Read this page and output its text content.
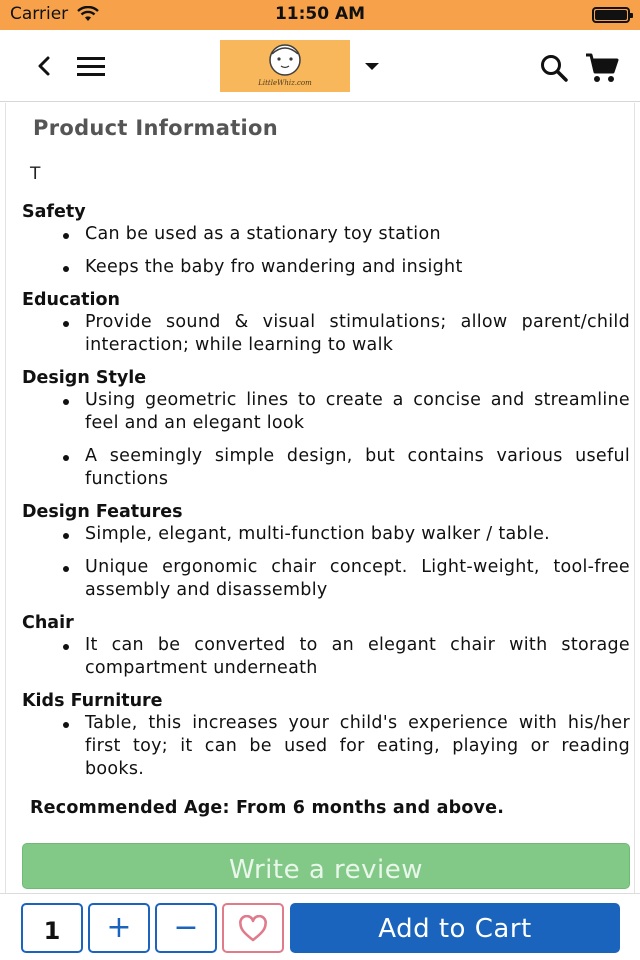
Carrier	11:50 AM
LittleWhiz.com
Product Information
T
Safety
Can be used as a stationary toy station
Keeps the baby fro wandering and insight
Education
Provide sound & visual stimulations; allow parent/child interaction; while learning to walk
Design Style
Using geometric lines to create a concise and streamline feel and an elegant look
A seemingly simple design, but contains various useful functions
Design Features
Simple, elegant, multi-function baby walker / table.
Unique ergonomic chair concept. Light-weight, tool-free assembly and disassembly
Chair
It can be converted to an elegant chair with storage compartment underneath
Kids Furniture
Table, this increases your child's experience with his/her first toy; it can be used for eating, playing or reading books.
Recommended Age: From 6 months and above.
Write a review
1	+	−	Add to Cart
